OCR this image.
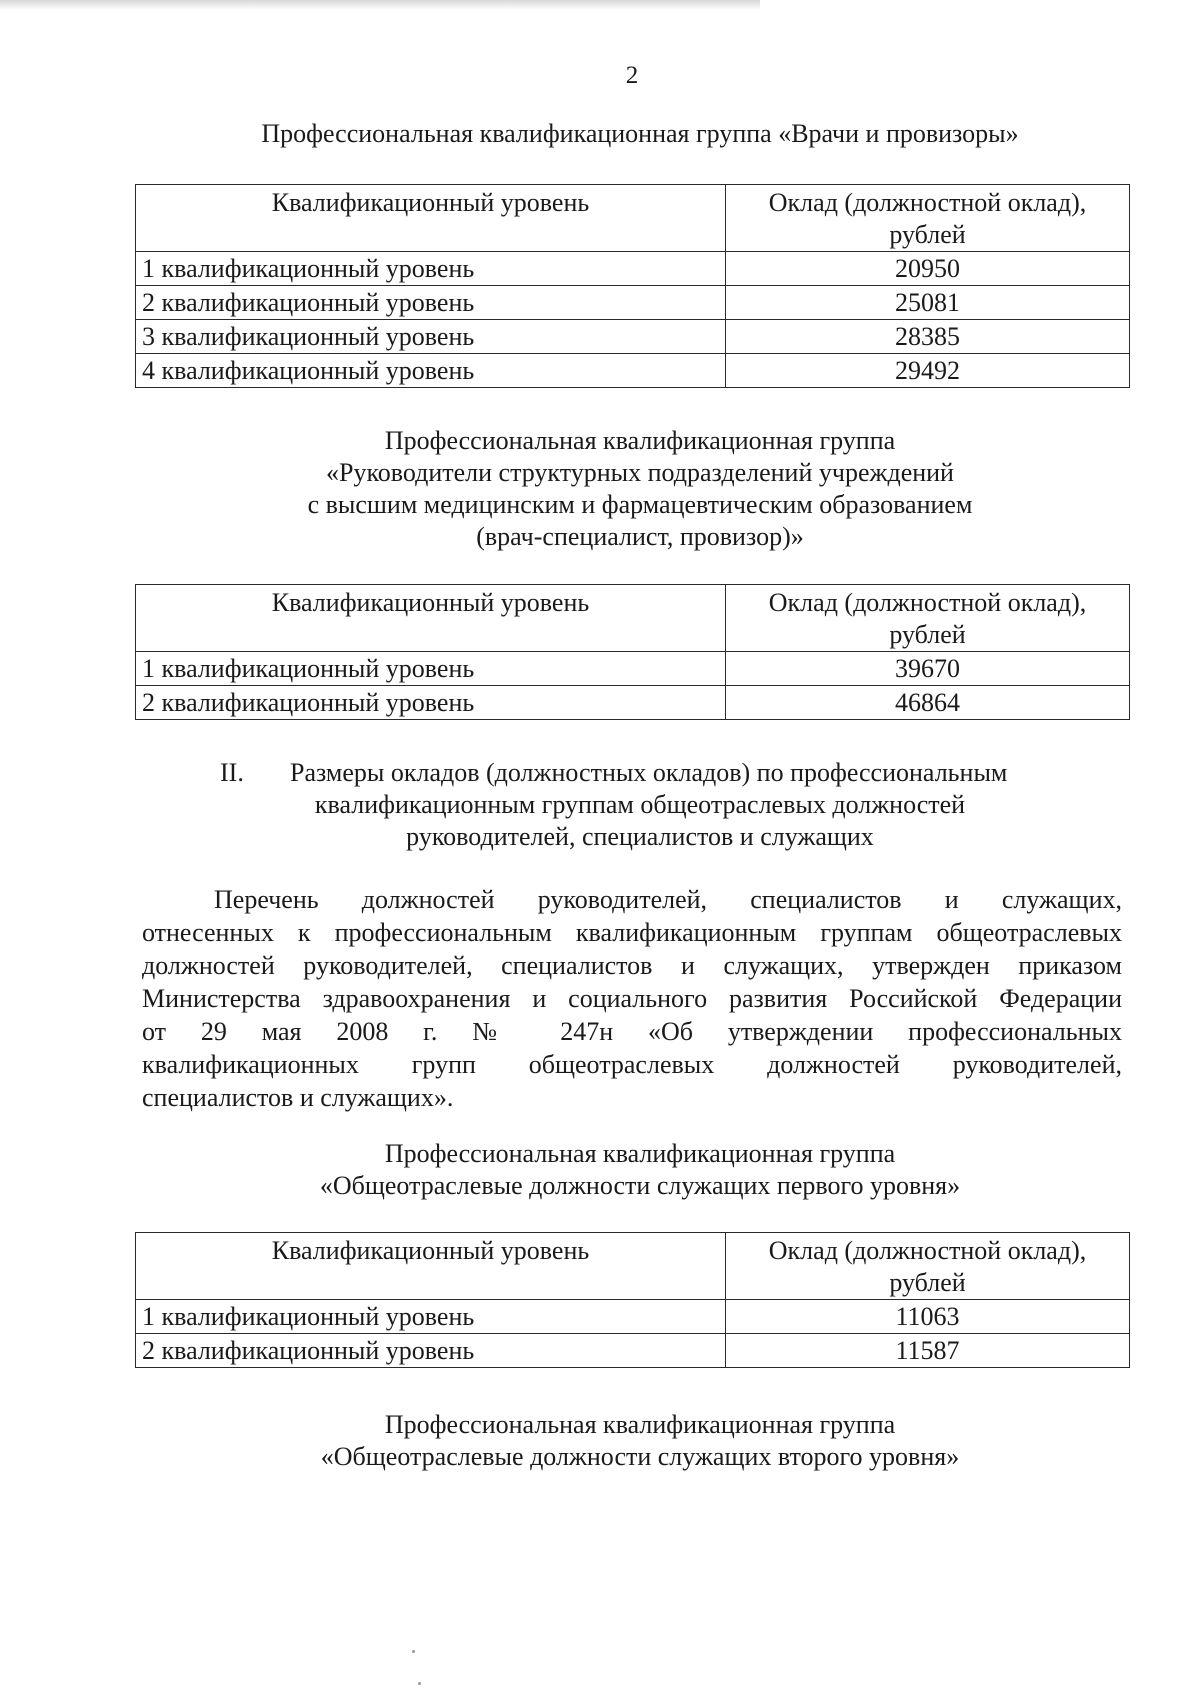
2
Профессиональная квалификационная группа «Врачи и провизоры»
Квалификационный уровень	Оклад (должностной оклад),
рублей

1 квалификационный уровень	20950
2 квалификационный уровень	25081
3 квалификационный уровень	28385
4 квалификационный уровень	29492
Профессиональная квалификационная группа
«Руководители структурных подразделений учреждений
с высшим медицинским и фармацевтическим образованием
(врач-специалист, провизор)»
Квалификационный уровень	Оклад (должностной оклад),
рублей

1 квалификационный уровень	39670
2 квалификационный уровень	46864
II. Размеры окладов (должностных окладов) по профессиональным
квалификационным группам общеотраслевых должностей
руководителей, специалистов и служащих
Перечень должностей руководителей, специалистов и служащих,
отнесенных к профессиональным квалификационным группам общеотраслевых
должностей руководителей, специалистов и служащих, утвержден приказом
Министерства здравоохранения и социального развития Российской Федерации
от 29 мая 2008 г. № 247н «Об утверждении профессиональных
квалификационных групп общеотраслевых должностей руководителей,
специалистов и служащих».
Профессиональная квалификационная группа
«Общеотраслевые должности служащих первого уровня»
Квалификационный уровень	Оклад (должностной оклад),
рублей

1 квалификационный уровень	11063
2 квалификационный уровень	11587
Профессиональная квалификационная группа
«Общеотраслевые должности служащих второго уровня»
